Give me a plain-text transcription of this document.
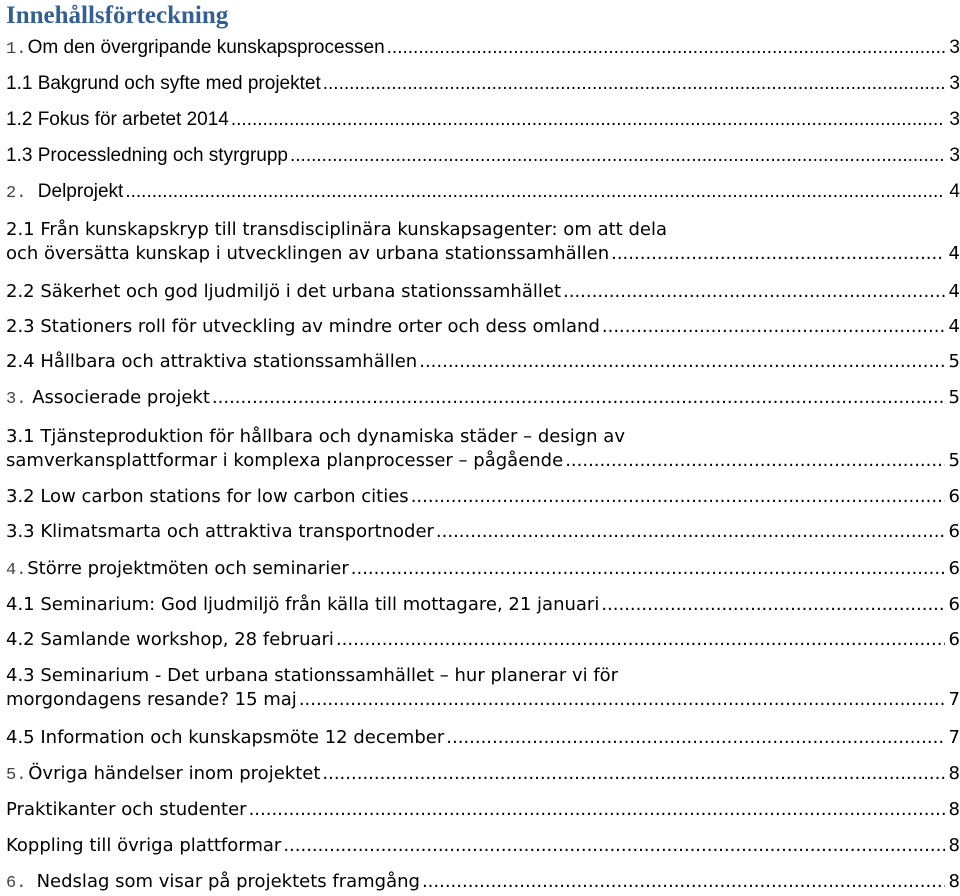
Innehållsförteckning
1. Om den övergripande kunskapsprocessen .....	3
1.1 Bakgrund och syfte med projektet .....	3
1.2 Fokus för arbetet 2014 .....	3
1.3 Processledning och styrgrupp .....	3
2. Delprojekt .....	4
2.1 Från kunskapskryp till transdisciplinära kunskapsagenter: om att dela
och översätta kunskap i utvecklingen av urbana stationssamhällen .....	4
2.2 Säkerhet och god ljudmiljö i det urbana stationssamhället .....	4
2.3 Stationers roll för utveckling av mindre orter och dess omland .....	4
2.4 Hållbara och attraktiva stationssamhällen .....	5
3. Associerade projekt .....	5
3.1 Tjänsteproduktion för hållbara och dynamiska städer – design av
samverkansplattformar i komplexa planprocesser – pågående .....	5
3.2 Low carbon stations for low carbon cities .....	6
3.3 Klimatsmarta och attraktiva transportnoder .....	6
4. Större projektmöten och seminarier .....	6
4.1 Seminarium: God ljudmiljö från källa till mottagare, 21 januari .....	6
4.2 Samlande workshop, 28 februari .....	6
4.3 Seminarium - Det urbana stationssamhället – hur planerar vi för
morgondagens resande? 15 maj .....	7
4.5 Information och kunskapsmöte 12 december .....	7
5. Övriga händelser inom projektet .....	8
Praktikanter och studenter .....	8
Koppling till övriga plattformar .....	8
6. Nedslag som visar på projektets framgång .....	8
